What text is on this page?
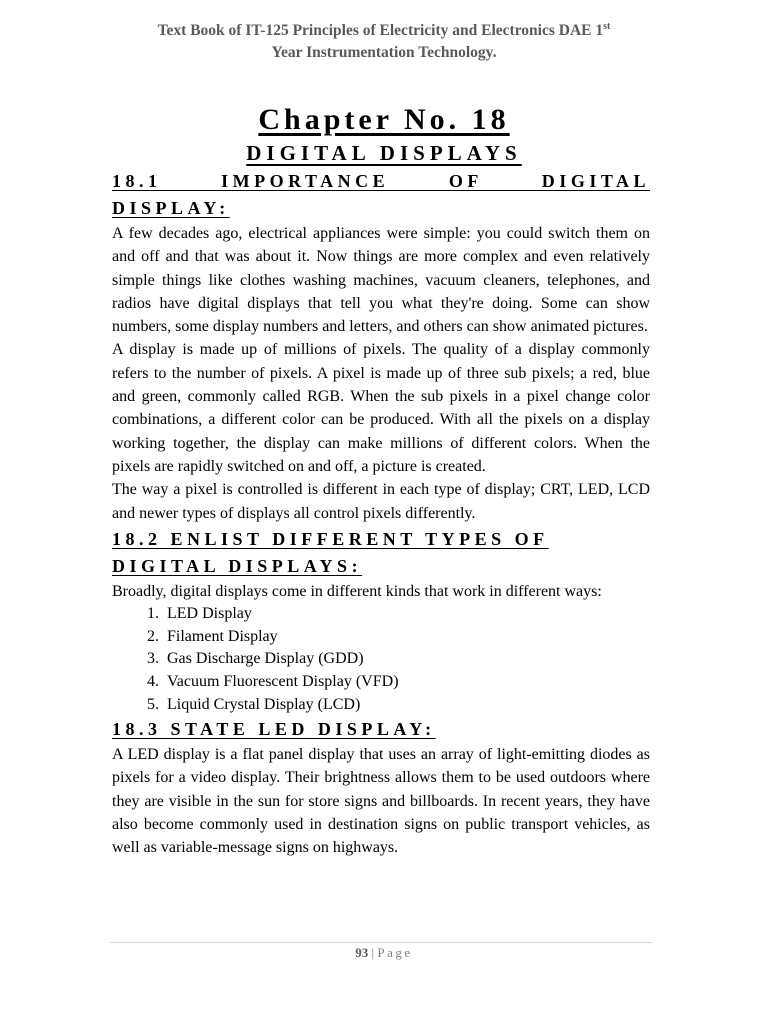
Text Book of IT-125 Principles of Electricity and Electronics DAE 1st
Year Instrumentation Technology.
Chapter No. 18
DIGITAL DISPLAYS
18.1 IMPORTANCE OF DIGITAL
DISPLAY:

A few decades ago, electrical appliances were simple: you could switch them on and off and that was about it. Now things are more complex and even relatively simple things like clothes washing machines, vacuum cleaners, telephones, and radios have digital displays that tell you what they're doing. Some can show numbers, some display numbers and letters, and others can show animated pictures.

A display is made up of millions of pixels. The quality of a display commonly refers to the number of pixels. A pixel is made up of three sub pixels; a red, blue and green, commonly called RGB. When the sub pixels in a pixel change color combinations, a different color can be produced. With all the pixels on a display working together, the display can make millions of different colors. When the pixels are rapidly switched on and off, a picture is created.

The way a pixel is controlled is different in each type of display; CRT, LED, LCD and newer types of displays all control pixels differently.

18.2 ENLIST DIFFERENT TYPES OF
DIGITAL DISPLAYS:

Broadly, digital displays come in different kinds that work in different ways:

1. LED Display
2. Filament Display
3. Gas Discharge Display (GDD)
4. Vacuum Fluorescent Display (VFD)
5. Liquid Crystal Display (LCD)
18.3 STATE LED DISPLAY:

A LED display is a flat panel display that uses an array of light-emitting diodes as pixels for a video display. Their brightness allows them to be used outdoors where they are visible in the sun for store signs and billboards. In recent years, they have also become commonly used in destination signs on public transport vehicles, as well as variable-message signs on highways.

93 | Page
